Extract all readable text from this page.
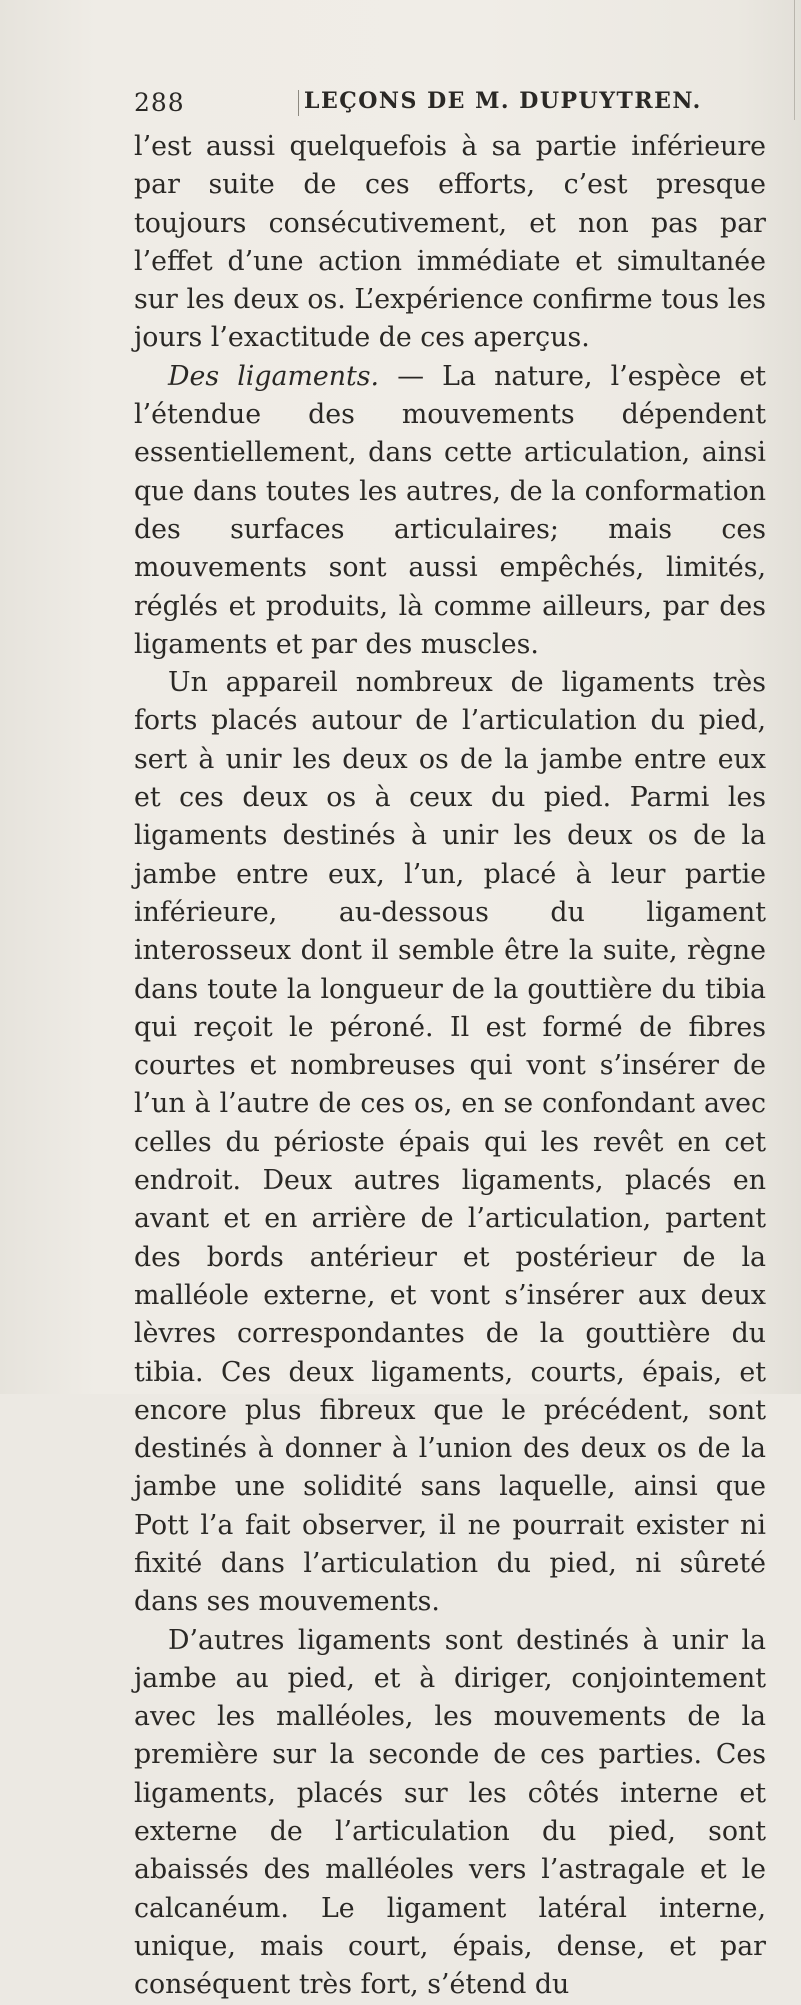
288	LEÇONS DE M. DUPUYTREN.

l’est aussi quelquefois à sa partie inférieure par suite de ces efforts, c’est presque toujours consécutivement, et non pas par l’effet d’une action immédiate et simultanée sur les deux os. L’expérience confirme tous les jours l’exactitude de ces aperçus.

Des ligaments. — La nature, l’espèce et l’étendue des mouvements dépendent essentiellement, dans cette articulation, ainsi que dans toutes les autres, de la conformation des surfaces articulaires; mais ces mouvements sont aussi empêchés, limités, réglés et produits, là comme ailleurs, par des ligaments et par des muscles.

Un appareil nombreux de ligaments très forts placés autour de l’articulation du pied, sert à unir les deux os de la jambe entre eux et ces deux os à ceux du pied. Parmi les ligaments destinés à unir les deux os de la jambe entre eux, l’un, placé à leur partie inférieure, au-dessous du ligament interosseux dont il semble être la suite, règne dans toute la longueur de la gouttière du tibia qui reçoit le péroné. Il est formé de fibres courtes et nombreuses qui vont s’insérer de l’un à l’autre de ces os, en se confondant avec celles du périoste épais qui les revêt en cet endroit. Deux autres ligaments, placés en avant et en arrière de l’articulation, partent des bords antérieur et postérieur de la malléole externe, et vont s’insérer aux deux lèvres correspondantes de la gouttière du tibia. Ces deux ligaments, courts, épais, et encore plus fibreux que le précédent, sont destinés à donner à l’union des deux os de la jambe une solidité sans laquelle, ainsi que Pott l’a fait observer, il ne pourrait exister ni fixité dans l’articulation du pied, ni sûreté dans ses mouvements.

D’autres ligaments sont destinés à unir la jambe au pied, et à diriger, conjointement avec les malléoles, les mouvements de la première sur la seconde de ces parties. Ces ligaments, placés sur les côtés interne et externe de l’articulation du pied, sont abaissés des malléoles vers l’astragale et le calcanéum. Le ligament latéral interne, unique, mais court, épais, dense, et par conséquent très fort, s’étend du
